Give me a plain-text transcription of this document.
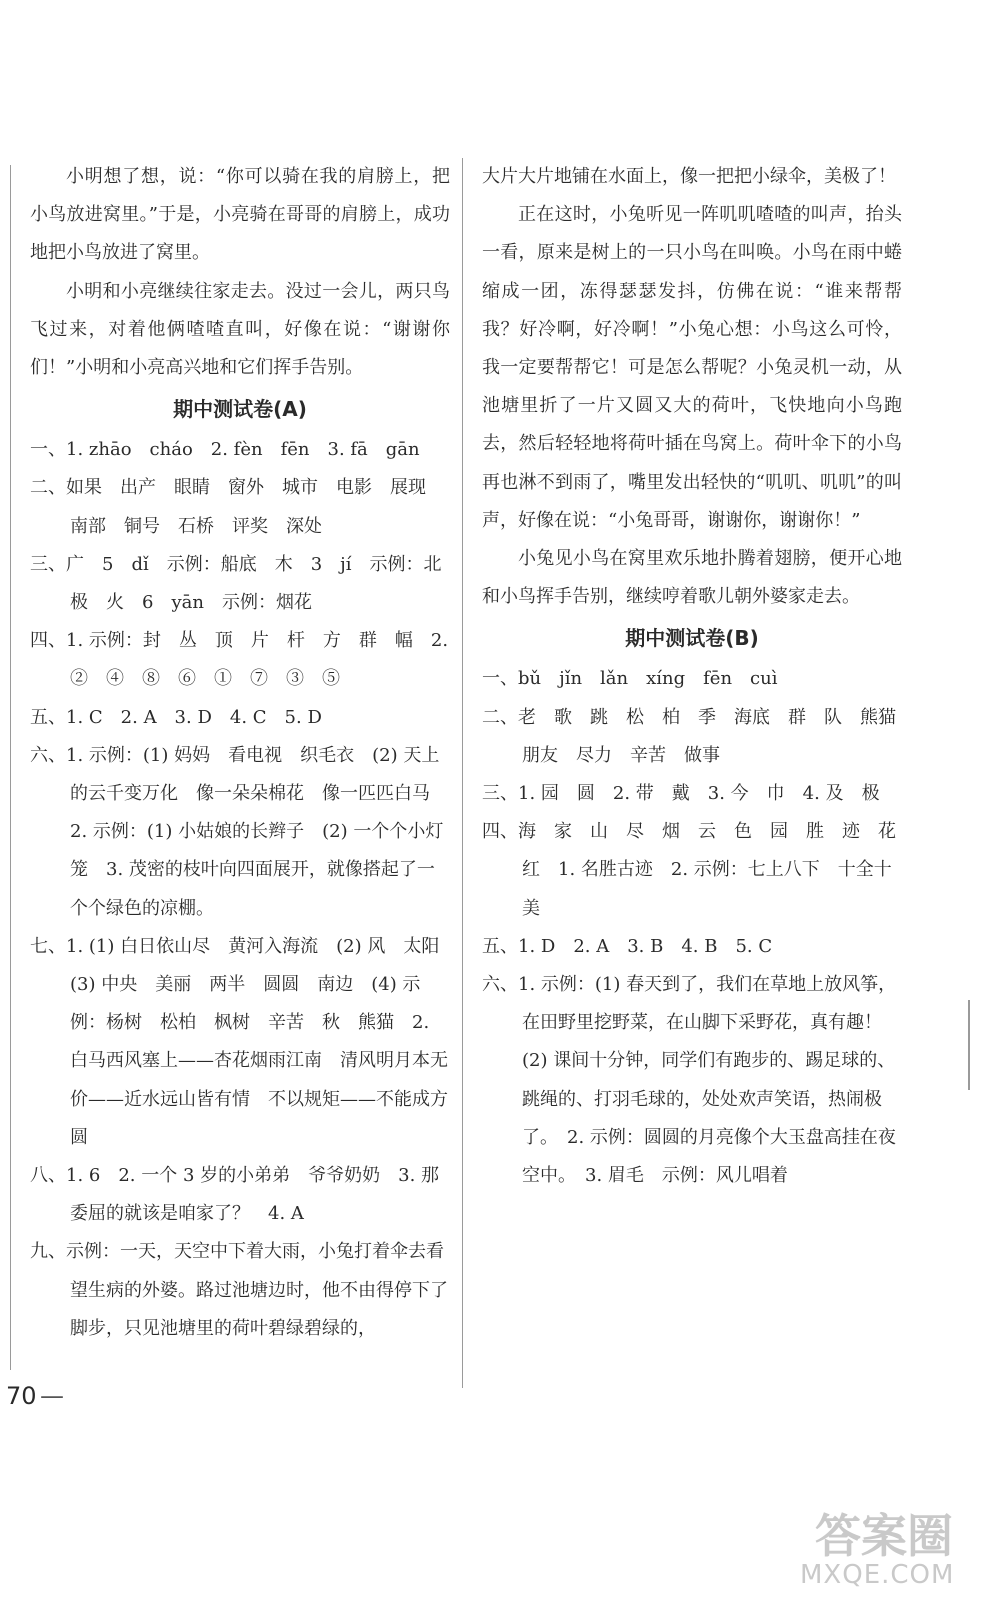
小明想了想，说：“你可以骑在我的肩膀上，把小鸟放进窝里。”于是，小亮骑在哥哥的肩膀上，成功地把小鸟放进了窝里。

小明和小亮继续往家走去。没过一会儿，两只鸟飞过来，对着他俩喳喳直叫，好像在说：“谢谢你们！”小明和小亮高兴地和它们挥手告别。

期中测试卷(A)

一、1. zhāo　cháo　2. fèn　fēn　3. fā　gān

二、如果　出产　眼睛　窗外　城市　电影　展现　南部　铜号　石桥　评奖　深处

三、广　5　dǐ　示例：船底　木　3　jí　示例：北极　火　6　yān　示例：烟花

四、1. 示例：封　丛　顶　片　杆　方　群　幅　2. ②　④　⑧　⑥　①　⑦　③　⑤

五、1. C　2. A　3. D　4. C　5. D

六、1. 示例：(1) 妈妈　看电视　织毛衣　(2) 天上的云千变万化　像一朵朵棉花　像一匹匹白马　2. 示例：(1) 小姑娘的长辫子　(2) 一个个小灯笼　3. 茂密的枝叶向四面展开，就像搭起了一个个绿色的凉棚。

七、1. (1) 白日依山尽　黄河入海流　(2) 风　太阳　(3) 中央　美丽　两半　圆圆　南边　(4) 示例：杨树　松柏　枫树　辛苦　秋　熊猫　2. 白马西风塞上——杏花烟雨江南　清风明月本无价——近水远山皆有情　不以规矩——不能成方圆

八、1. 6　2. 一个 3 岁的小弟弟　爷爷奶奶　3. 那委屈的就该是咱家了？　4. A

九、示例：一天，天空中下着大雨，小兔打着伞去看望生病的外婆。路过池塘边时，他不由得停下了脚步，只见池塘里的荷叶碧绿碧绿的，

大片大片地铺在水面上，像一把把小绿伞，美极了！

正在这时，小兔听见一阵叽叽喳喳的叫声，抬头一看，原来是树上的一只小鸟在叫唤。小鸟在雨中蜷缩成一团，冻得瑟瑟发抖，仿佛在说：“谁来帮帮我？好冷啊，好冷啊！”小兔心想：小鸟这么可怜，我一定要帮帮它！可是怎么帮呢？小兔灵机一动，从池塘里折了一片又圆又大的荷叶，飞快地向小鸟跑去，然后轻轻地将荷叶插在鸟窝上。荷叶伞下的小鸟再也淋不到雨了，嘴里发出轻快的“叽叽、叽叽”的叫声，好像在说：“小兔哥哥，谢谢你，谢谢你！”

小兔见小鸟在窝里欢乐地扑腾着翅膀，便开心地和小鸟挥手告别，继续哼着歌儿朝外婆家走去。

期中测试卷(B)

一、bǔ　jǐn　lǎn　xíng　fēn　cuì

二、老　歌　跳　松　柏　季　海底　群　队　熊猫　朋友　尽力　辛苦　做事

三、1. 园　圆　2. 带　戴　3. 今　巾　4. 及　极

四、海　家　山　尽　烟　云　色　园　胜　迹　花红　1. 名胜古迹　2. 示例：七上八下　十全十美

五、1. D　2. A　3. B　4. B　5. C

六、1. 示例：(1) 春天到了，我们在草地上放风筝，在田野里挖野菜，在山脚下采野花，真有趣！　(2) 课间十分钟，同学们有跑步的、踢足球的、跳绳的、打羽毛球的，处处欢声笑语，热闹极了。　2. 示例：圆圆的月亮像个大玉盘高挂在夜空中。　3. 眉毛　示例：风儿唱着

70 —
答案圈
MXQE.COM
